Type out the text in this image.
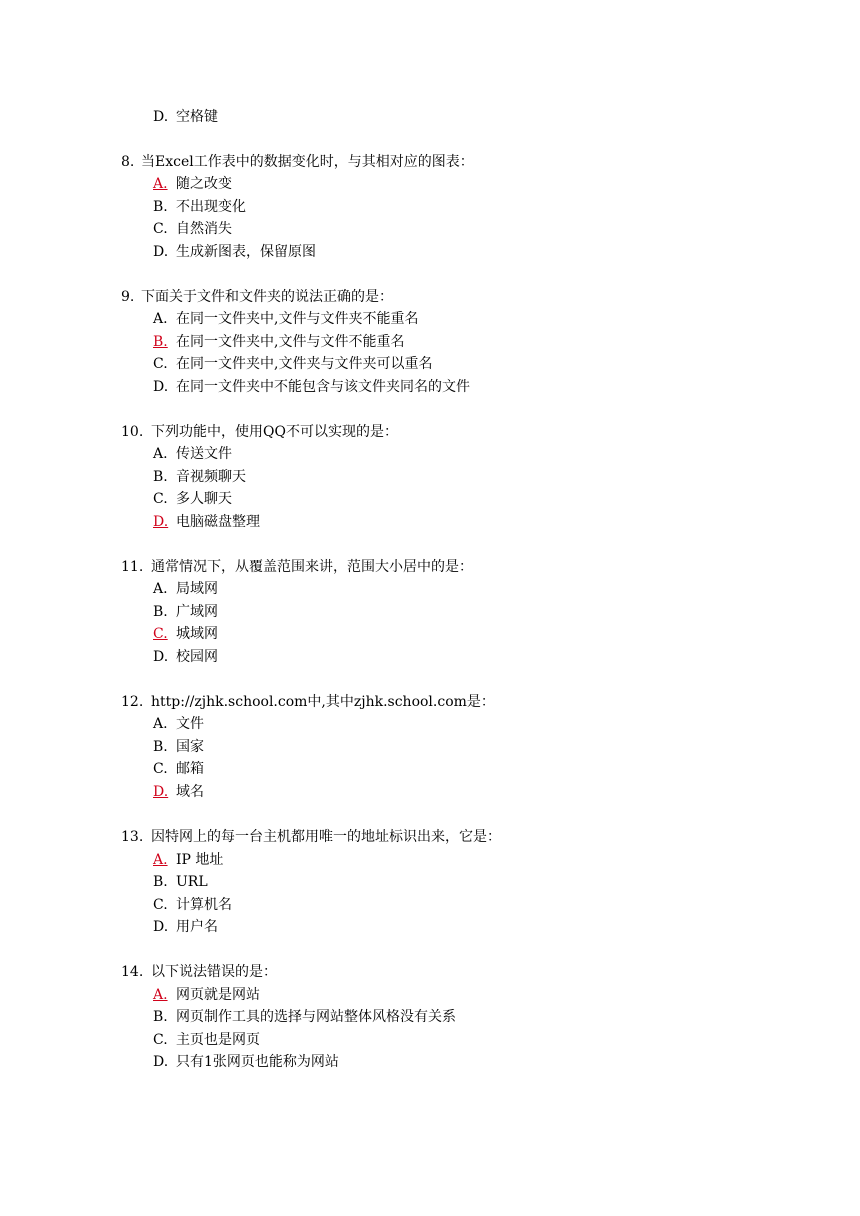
D. 空格键
8. 当Excel工作表中的数据变化时，与其相对应的图表：
A. 随之改变
B. 不出现变化
C. 自然消失
D. 生成新图表，保留原图
9. 下面关于文件和文件夹的说法正确的是：
A. 在同一文件夹中,文件与文件夹不能重名
B. 在同一文件夹中,文件与文件不能重名
C. 在同一文件夹中,文件夹与文件夹可以重名
D. 在同一文件夹中不能包含与该文件夹同名的文件
10. 下列功能中，使用QQ不可以实现的是：
A. 传送文件
B. 音视频聊天
C. 多人聊天
D. 电脑磁盘整理
11. 通常情况下，从覆盖范围来讲，范围大小居中的是：
A. 局域网
B. 广域网
C. 城域网
D. 校园网
12. http://zjhk.school.com中,其中zjhk.school.com是：
A. 文件
B. 国家
C. 邮箱
D. 域名
13. 因特网上的每一台主机都用唯一的地址标识出来，它是：
A. IP 地址
B. URL
C. 计算机名
D. 用户名
14. 以下说法错误的是：
A. 网页就是网站
B. 网页制作工具的选择与网站整体风格没有关系
C. 主页也是网页
D. 只有1张网页也能称为网站
